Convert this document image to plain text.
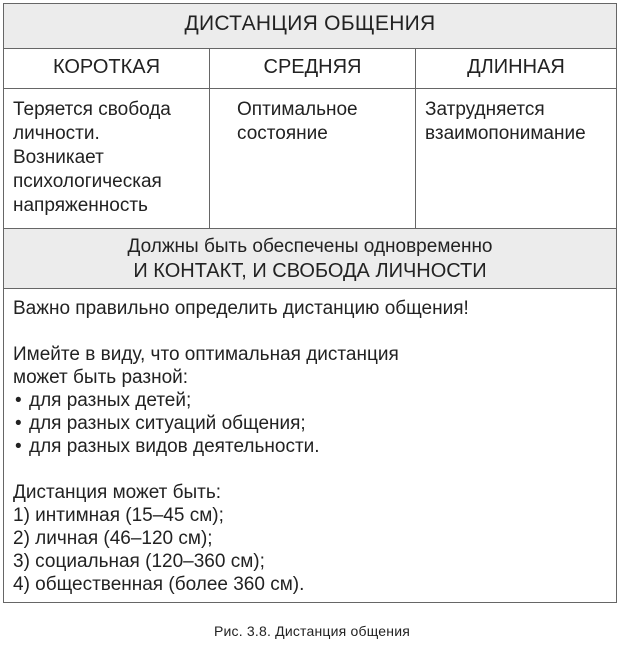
ДИСТАНЦИЯ ОБЩЕНИЯ
КОРОТКАЯ	СРЕДНЯЯ	ДЛИННАЯ
Теряется свобода
личности.
Возникает
психологическая
напряженность
Оптимальное
состояние
Затрудняется
взаимопонимание
Должны быть обеспечены одновременно
И КОНТАКТ, И СВОБОДА ЛИЧНОСТИ
Важно правильно определить дистанцию общения!
Имейте в виду, что оптимальная дистанция
может быть разной:
• для разных детей;
• для разных ситуаций общения;
• для разных видов деятельности.
Дистанция может быть:
1) интимная (15–45 см);
2) личная (46–120 см);
3) социальная (120–360 см);
4) общественная (более 360 см).
Рис. 3.8. Дистанция общения
